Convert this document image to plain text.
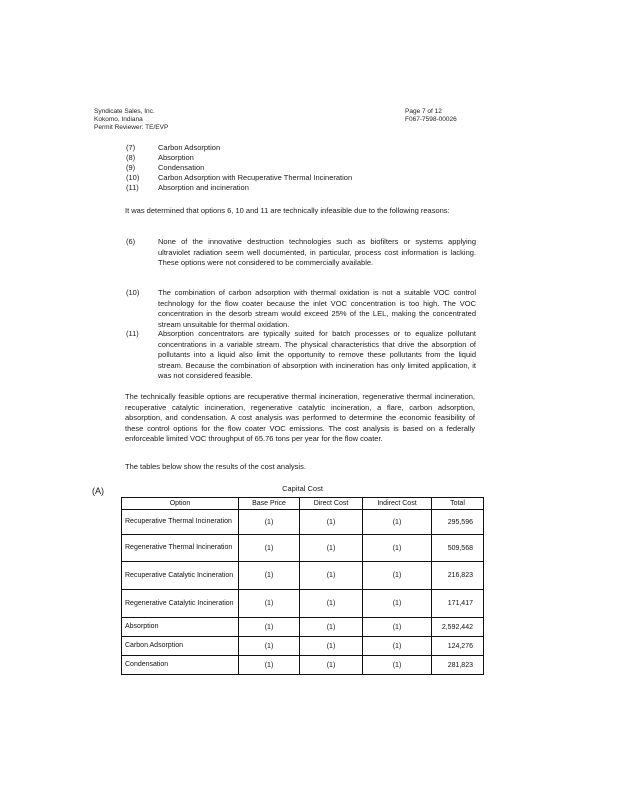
Syndicate Sales, Inc.
Kokomo, Indiana
Permit Reviewer: TE/EVP
Page 7 of 12
F067-7598-00026
(7)	Carbon Adsorption
(8)	Absorption
(9)	Condensation
(10) Carbon Adsorption with Recuperative Thermal Incineration
(11)	Absorption and incineration
It was determined that options 6, 10 and 11 are technically infeasible due to the following reasons:
(6)	None of the innovative destruction technologies such as biofilters or systems applying ultraviolet radiation seem well documented, in particular, process cost information is lacking. These options were not considered to be commercially available.
(10) The combination of carbon adsorption with thermal oxidation is not a suitable VOC control technology for the flow coater because the inlet VOC concentration is too high. The VOC concentration in the desorb stream would exceed 25% of the LEL, making the concentrated stream unsuitable for thermal oxidation.
(11)	Absorption concentrators are typically suited for batch processes or to equalize pollutant concentrations in a variable stream. The physical characteristics that drive the absorption of pollutants into a liquid also limit the opportunity to remove these pollutants from the liquid stream. Because the combination of absorption with incineration has only limited application, it was not considered feasible.
The technically feasible options are recuperative thermal incineration, regenerative thermal incineration, recuperative catalytic incineration, regenerative catalytic incineration, a flare, carbon adsorption, absorption, and condensation. A cost analysis was performed to determine the economic feasibility of these control options for the flow coater VOC emissions. The cost analysis is based on a federally enforceable limited VOC throughput of 65.76 tons per year for the flow coater.
The tables below show the results of the cost analysis.
(A)	Capital Cost
Option	Base Price	Direct Cost	Indirect Cost	Total
Recuperative Thermal Incineration	(1)	(1)	(1)	295,596
Regenerative Thermal Incineration	(1)	(1)	(1)	509,568
Recuperative Catalytic Incineration	(1)	(1)	(1)	216,823
Regenerative Catalytic Incineration	(1)	(1)	(1)	171,417
Absorption	(1)	(1)	(1)	2,592,442
Carbon Adsorption	(1)	(1)	(1)	124,276
Condensation	(1)	(1)	(1)	281,823
